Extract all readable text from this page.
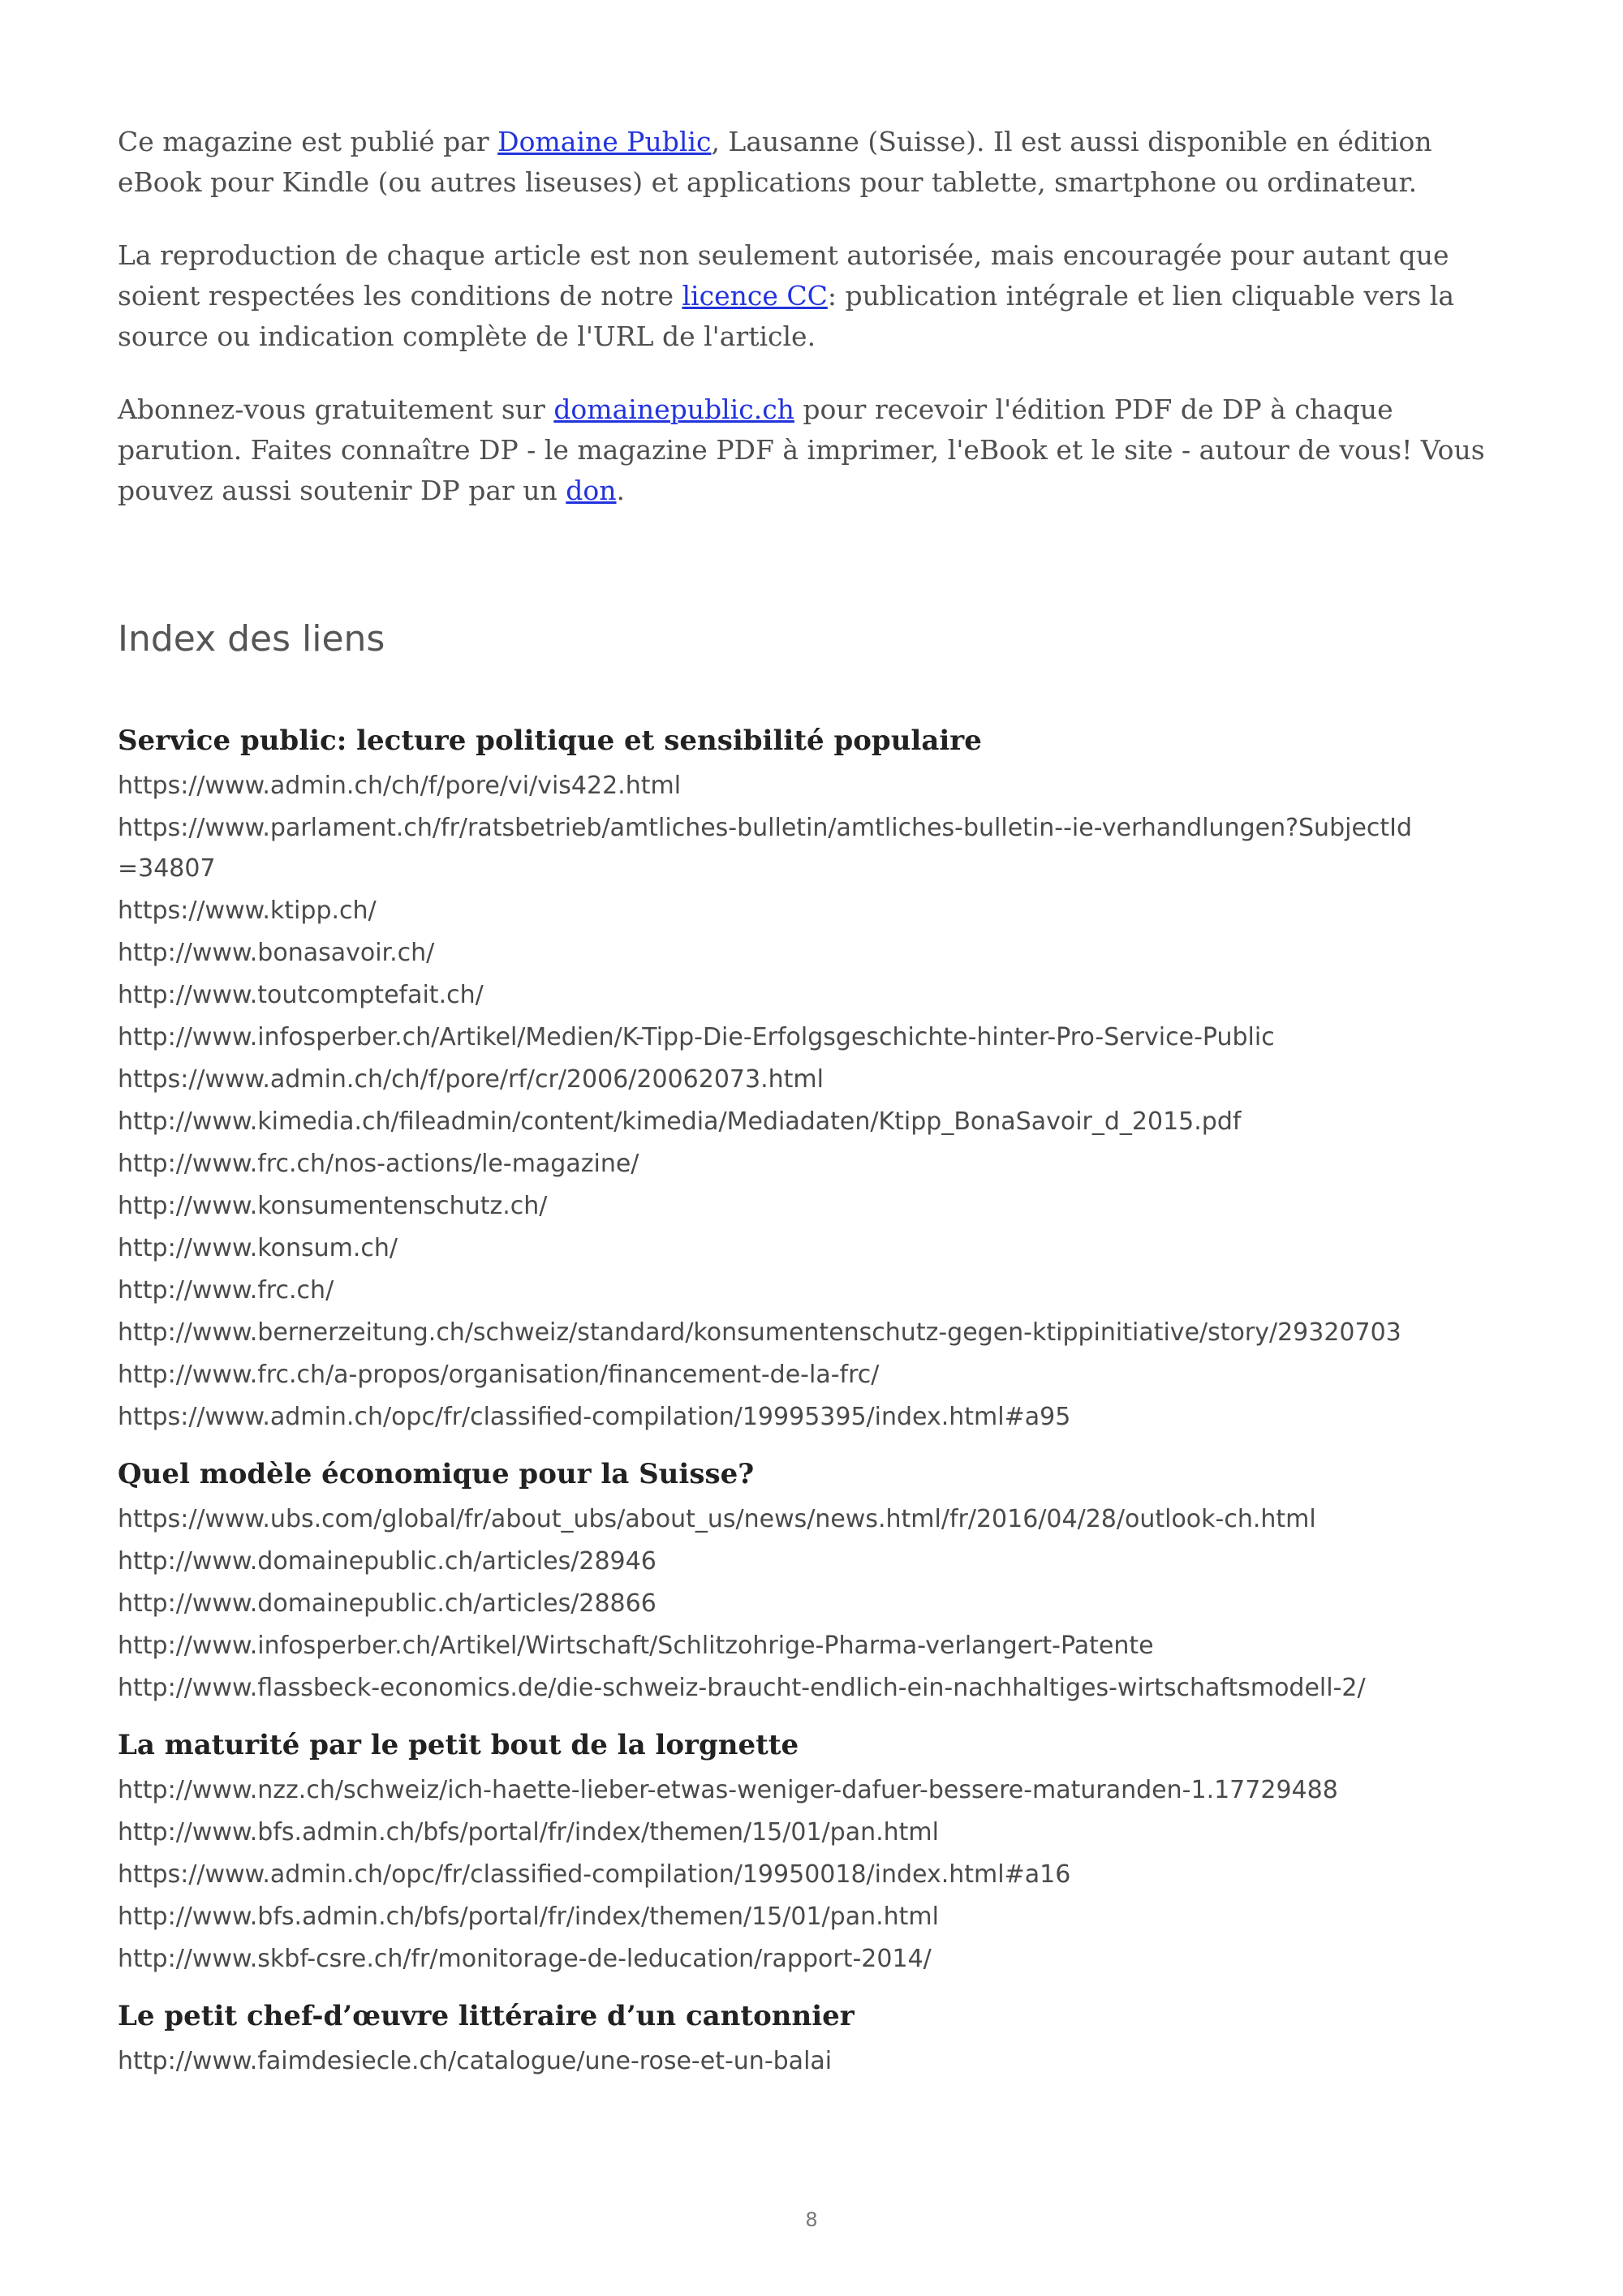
Ce magazine est publié par Domaine Public, Lausanne (Suisse). Il est aussi disponible en édition eBook pour Kindle (ou autres liseuses) et applications pour tablette, smartphone ou ordinateur.

La reproduction de chaque article est non seulement autorisée, mais encouragée pour autant que soient respectées les conditions de notre licence CC: publication intégrale et lien cliquable vers la source ou indication complète de l'URL de l'article.

Abonnez-vous gratuitement sur domainepublic.ch pour recevoir l'édition PDF de DP à chaque parution. Faites connaître DP - le magazine PDF à imprimer, l'eBook et le site - autour de vous! Vous pouvez aussi soutenir DP par un don.

Index des liens
Service public: lecture politique et sensibilité populaire
https://www.admin.ch/ch/f/pore/vi/vis422.html
https://www.parlament.ch/fr/ratsbetrieb/amtliches-bulletin/amtliches-bulletin--ie-verhandlungen?SubjectId=34807
https://www.ktipp.ch/
http://www.bonasavoir.ch/
http://www.toutcomptefait.ch/
http://www.infosperber.ch/Artikel/Medien/K-Tipp-Die-Erfolgsgeschichte-hinter-Pro-Service-Public
https://www.admin.ch/ch/f/pore/rf/cr/2006/20062073.html
http://www.kimedia.ch/fileadmin/content/kimedia/Mediadaten/Ktipp_BonaSavoir_d_2015.pdf
http://www.frc.ch/nos-actions/le-magazine/
http://www.konsumentenschutz.ch/
http://www.konsum.ch/
http://www.frc.ch/
http://www.bernerzeitung.ch/schweiz/standard/konsumentenschutz-gegen-ktippinitiative/story/29320703
http://www.frc.ch/a-propos/organisation/financement-de-la-frc/
https://www.admin.ch/opc/fr/classified-compilation/19995395/index.html#a95
Quel modèle économique pour la Suisse?
https://www.ubs.com/global/fr/about_ubs/about_us/news/news.html/fr/2016/04/28/outlook-ch.html
http://www.domainepublic.ch/articles/28946
http://www.domainepublic.ch/articles/28866
http://www.infosperber.ch/Artikel/Wirtschaft/Schlitzohrige-Pharma-verlangert-Patente
http://www.flassbeck-economics.de/die-schweiz-braucht-endlich-ein-nachhaltiges-wirtschaftsmodell-2/
La maturité par le petit bout de la lorgnette
http://www.nzz.ch/schweiz/ich-haette-lieber-etwas-weniger-dafuer-bessere-maturanden-1.17729488
http://www.bfs.admin.ch/bfs/portal/fr/index/themen/15/01/pan.html
https://www.admin.ch/opc/fr/classified-compilation/19950018/index.html#a16
http://www.bfs.admin.ch/bfs/portal/fr/index/themen/15/01/pan.html
http://www.skbf-csre.ch/fr/monitorage-de-leducation/rapport-2014/
Le petit chef-d’œuvre littéraire d’un cantonnier
http://www.faimdesiecle.ch/catalogue/une-rose-et-un-balai
8
